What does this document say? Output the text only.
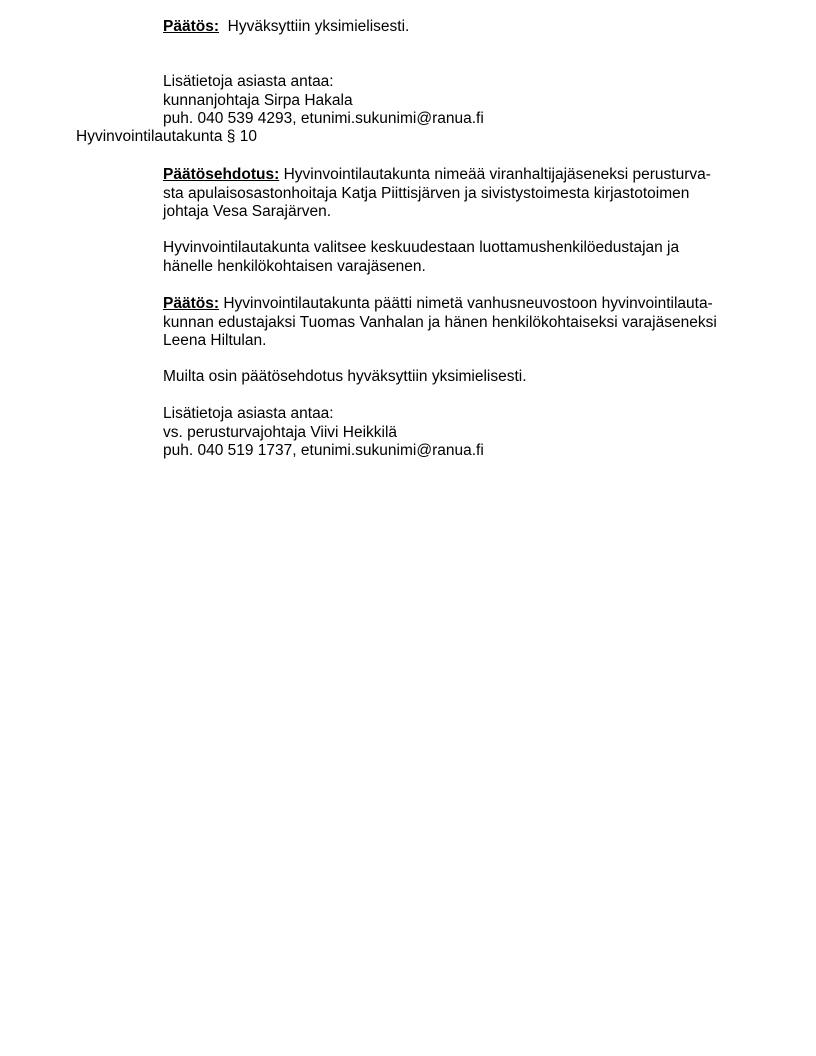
Päätös: Hyväksyttiin yksimielisesti.

Lisätietoja asiasta antaa:
kunnanjohtaja Sirpa Hakala
puh. 040 539 4293, etunimi.sukunimi@ranua.fi

Hyvinvointilautakunta § 10

Päätösehdotus: Hyvinvointilautakunta nimeää viranhaltijajäseneksi perusturva-
sta apulaisosastonhoitaja Katja Piittisjärven ja sivistystoimesta kirjastotoimen
johtaja Vesa Sarajärven.

Hyvinvointilautakunta valitsee keskuudestaan luottamushenkilöedustajan ja
hänelle henkilökohtaisen varajäsenen.

Päätös: Hyvinvointilautakunta päätti nimetä vanhusneuvostoon hyvinvointilauta-
kunnan edustajaksi Tuomas Vanhalan ja hänen henkilökohtaiseksi varajäseneksi
Leena Hiltulan.

Muilta osin päätösehdotus hyväksyttiin yksimielisesti.

Lisätietoja asiasta antaa:
vs. perusturvajohtaja Viivi Heikkilä
puh. 040 519 1737, etunimi.sukunimi@ranua.fi
